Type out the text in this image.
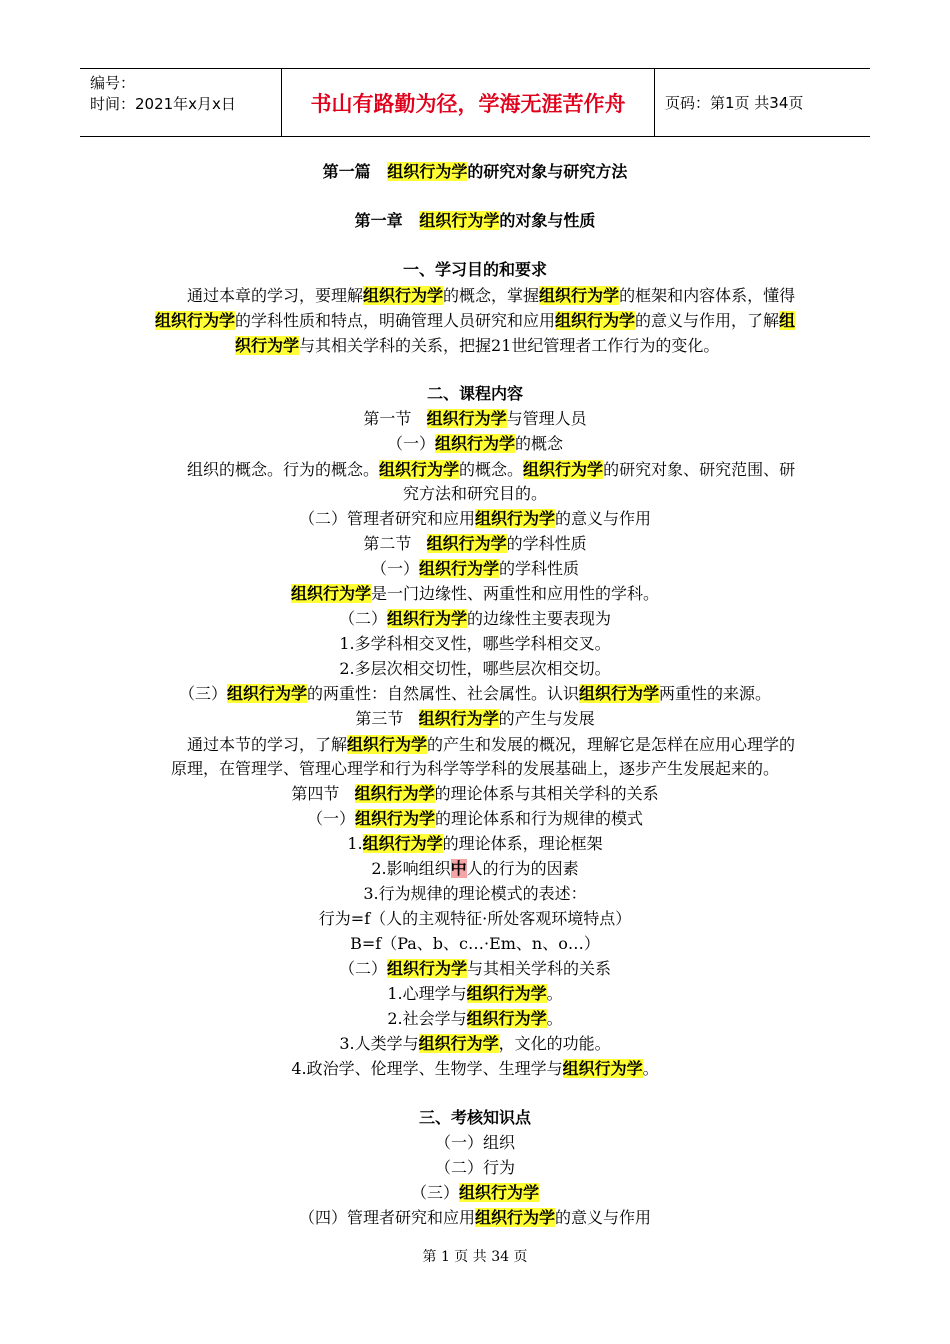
编号：
时间：2021年x月x日	书山有路勤为径，学海无涯苦作舟	页码：第1页 共34页
第一篇 组织行为学的研究对象与研究方法
第一章 组织行为学的对象与性质
一、学习目的和要求
通过本章的学习，要理解组织行为学的概念，掌握组织行为学的框架和内容体系，懂得
组织行为学的学科性质和特点，明确管理人员研究和应用组织行为学的意义与作用，了解组
织行为学与其相关学科的关系，把握21世纪管理者工作行为的变化。
二、课程内容
第一节 组织行为学与管理人员
（一）组织行为学的概念
组织的概念。行为的概念。组织行为学的概念。组织行为学的研究对象、研究范围、研
究方法和研究目的。
（二）管理者研究和应用组织行为学的意义与作用
第二节 组织行为学的学科性质
（一）组织行为学的学科性质
组织行为学是一门边缘性、两重性和应用性的学科。
（二）组织行为学的边缘性主要表现为
1.多学科相交叉性，哪些学科相交叉。
2.多层次相交切性，哪些层次相交切。
（三）组织行为学的两重性：自然属性、社会属性。认识组织行为学两重性的来源。
第三节 组织行为学的产生与发展
通过本节的学习，了解组织行为学的产生和发展的概况，理解它是怎样在应用心理学的
原理，在管理学、管理心理学和行为科学等学科的发展基础上，逐步产生发展起来的。
第四节 组织行为学的理论体系与其相关学科的关系
（一）组织行为学的理论体系和行为规律的模式
1.组织行为学的理论体系，理论框架
2.影响组织中人的行为的因素
3.行为规律的理论模式的表述：
行为=f（人的主观特征·所处客观环境特点）
B=f（Pa、b、c…·Em、n、o…）
（二）组织行为学与其相关学科的关系
1.心理学与组织行为学。
2.社会学与组织行为学。
3.人类学与组织行为学，文化的功能。
4.政治学、伦理学、生物学、生理学与组织行为学。
三、考核知识点
（一）组织
（二）行为
（三）组织行为学
（四）管理者研究和应用组织行为学的意义与作用
第 1 页 共 34 页
